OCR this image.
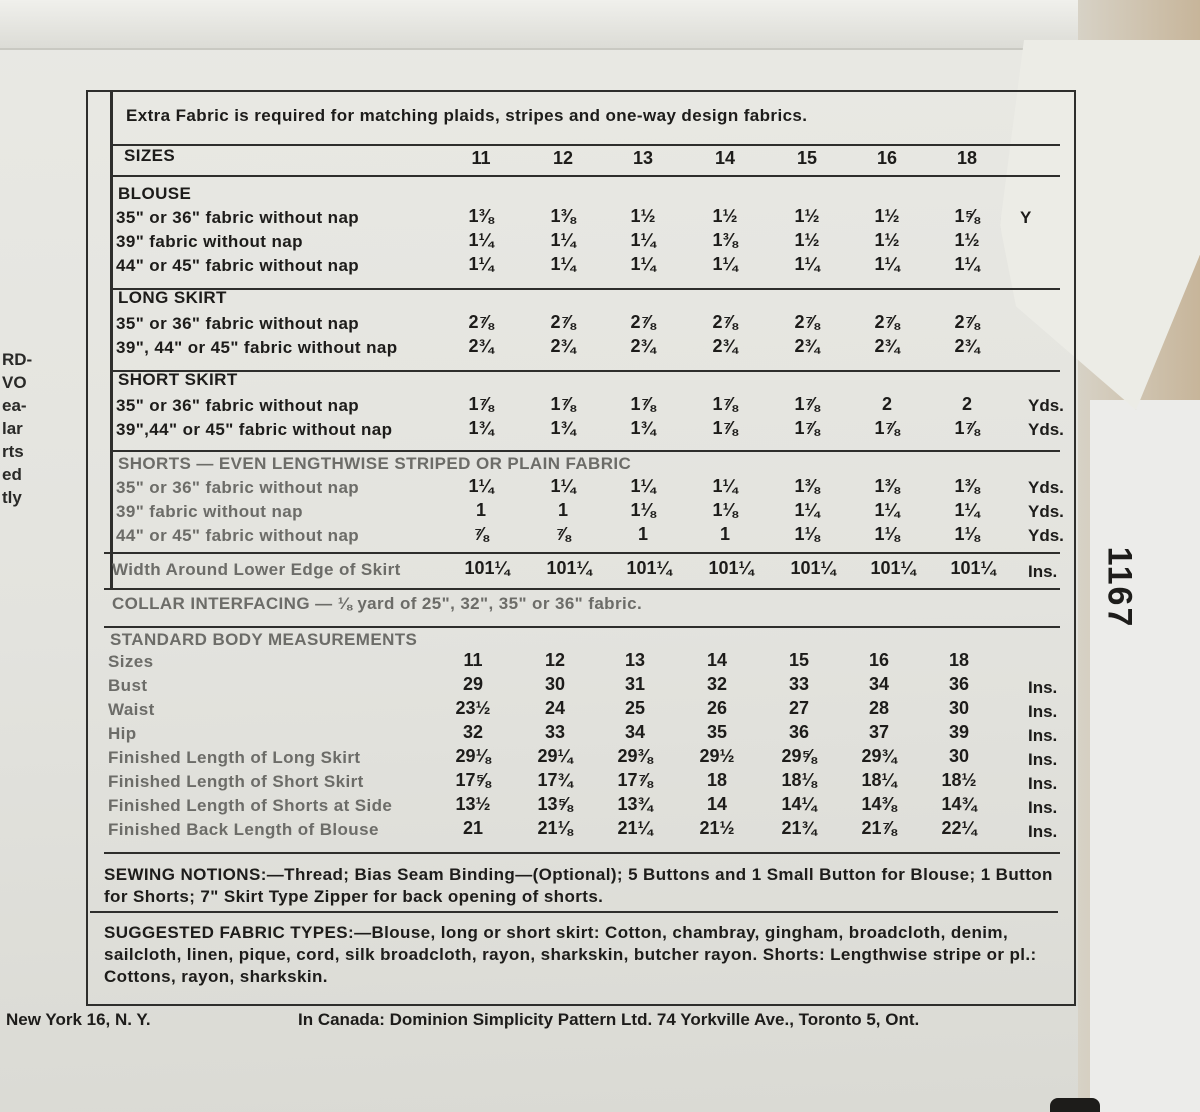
RD-
VO
ea-
lar
rts
ed
tly
Extra Fabric is required for matching plaids, stripes and one-way design fabrics.
SIZES	11	12	13	14	15	16	18
BLOUSE
35" or 36" fabric without nap	1⅜	1⅜	1½	1½	1½	1½	1⅝	Y
39" fabric without nap	1¼	1¼	1¼	1⅜	1½	1½	1½
44" or 45" fabric without nap	1¼	1¼	1¼	1¼	1¼	1¼	1¼
LONG SKIRT
35" or 36" fabric without nap	2⅞	2⅞	2⅞	2⅞	2⅞	2⅞	2⅞
39", 44" or 45" fabric without nap	2¾	2¾	2¾	2¾	2¾	2¾	2¾
SHORT SKIRT
35" or 36" fabric without nap	1⅞	1⅞	1⅞	1⅞	1⅞	2	2	Yds.
39",44" or 45" fabric without nap	1¾	1¾	1¾	1⅞	1⅞	1⅞	1⅞	Yds.
SHORTS — EVEN LENGTHWISE STRIPED OR PLAIN FABRIC
35" or 36" fabric without nap	1¼	1¼	1¼	1¼	1⅜	1⅜	1⅜	Yds.
39" fabric without nap	1	1	1⅛	1⅛	1¼	1¼	1¼	Yds.
44" or 45" fabric without nap	⅞	⅞	1	1	1⅛	1⅛	1⅛	Yds.
Width Around Lower Edge of Skirt	101¼	101¼	101¼	101¼	101¼	101¼	101¼	Ins.
COLLAR INTERFACING — ⅛ yard of 25", 32", 35" or 36" fabric.
STANDARD BODY MEASUREMENTS
Sizes	11	12	13	14	15	16	18
Bust	29	30	31	32	33	34	36	Ins.
Waist	23½	24	25	26	27	28	30	Ins.
Hip	32	33	34	35	36	37	39	Ins.
Finished Length of Long Skirt	29⅛	29¼	29⅜	29½	29⅝	29¾	30	Ins.
Finished Length of Short Skirt	17⅝	17¾	17⅞	18	18⅛	18¼	18½	Ins.
Finished Length of Shorts at Side	13½	13⅝	13¾	14	14¼	14⅜	14¾	Ins.
Finished Back Length of Blouse	21	21⅛	21¼	21½	21¾	21⅞	22¼	Ins.
SEWING NOTIONS:—Thread; Bias Seam Binding—(Optional); 5 Buttons and 1 Small Button for Blouse; 1 Button for Shorts; 7" Skirt Type Zipper for back opening of shorts.
SUGGESTED FABRIC TYPES:—Blouse, long or short skirt: Cotton, chambray, gingham, broadcloth, denim, sailcloth, linen, pique, cord, silk broadcloth, rayon, sharkskin, butcher rayon. Shorts: Lengthwise stripe or pl.: Cottons, rayon, sharkskin.
New York 16, N. Y.	In Canada: Dominion Simplicity Pattern Ltd. 74 Yorkville Ave., Toronto 5, Ont.
1167
